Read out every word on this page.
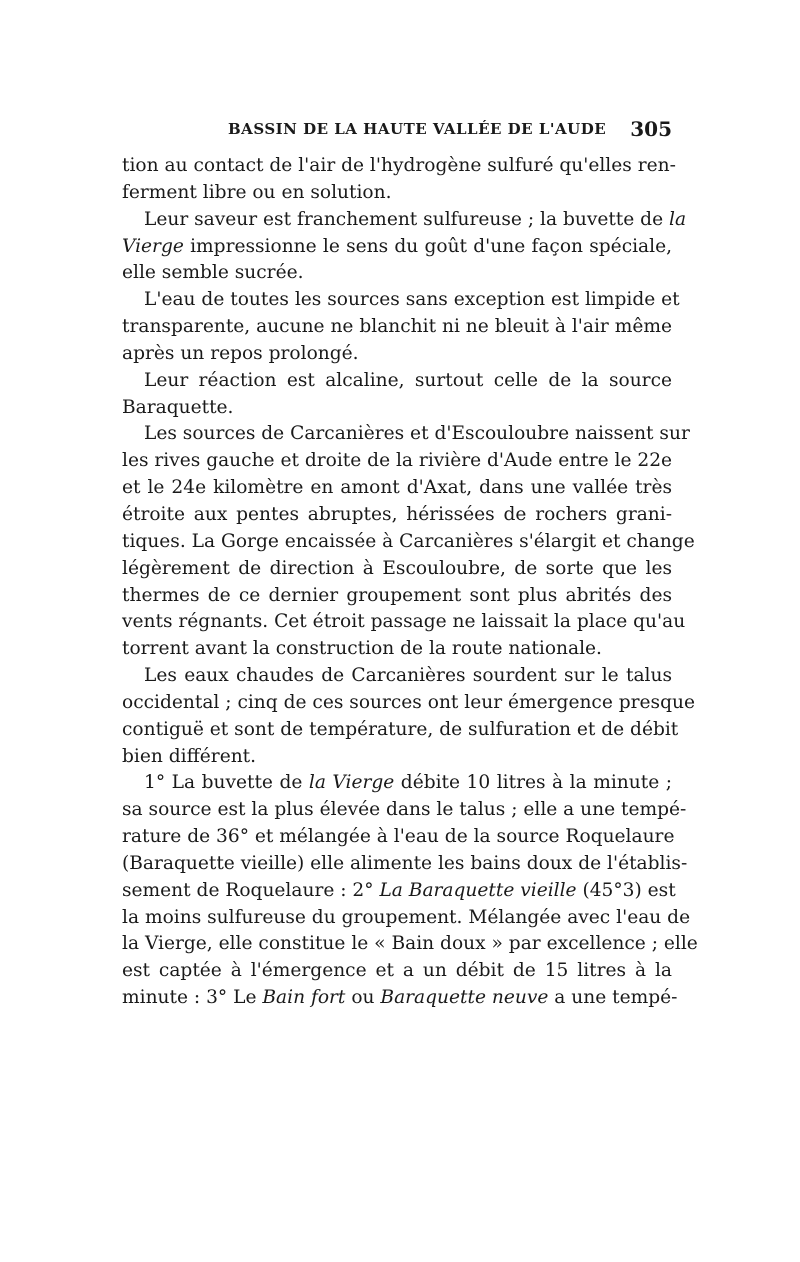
BASSIN DE LA HAUTE VALLÉE DE L'AUDE 305
tion au contact de l'air de l'hydrogène sulfuré qu'elles ren-
ferment libre ou en solution.
Leur saveur est franchement sulfureuse ; la buvette de la
Vierge impressionne le sens du goût d'une façon spéciale,
elle semble sucrée.
L'eau de toutes les sources sans exception est limpide et
transparente, aucune ne blanchit ni ne bleuit à l'air même
après un repos prolongé.
Leur réaction est alcaline, surtout celle de la source
Baraquette.
Les sources de Carcanières et d'Escouloubre naissent sur
les rives gauche et droite de la rivière d'Aude entre le 22e
et le 24e kilomètre en amont d'Axat, dans une vallée très
étroite aux pentes abruptes, hérissées de rochers grani-
tiques. La Gorge encaissée à Carcanières s'élargit et change
légèrement de direction à Escouloubre, de sorte que les
thermes de ce dernier groupement sont plus abrités des
vents régnants. Cet étroit passage ne laissait la place qu'au
torrent avant la construction de la route nationale.
Les eaux chaudes de Carcanières sourdent sur le talus
occidental ; cinq de ces sources ont leur émergence presque
contiguë et sont de température, de sulfuration et de débit
bien différent.
1° La buvette de la Vierge débite 10 litres à la minute ;
sa source est la plus élevée dans le talus ; elle a une tempé-
rature de 36° et mélangée à l'eau de la source Roquelaure
(Baraquette vieille) elle alimente les bains doux de l'établis-
sement de Roquelaure : 2° La Baraquette vieille (45°3) est
la moins sulfureuse du groupement. Mélangée avec l'eau de
la Vierge, elle constitue le « Bain doux » par excellence ; elle
est captée à l'émergence et a un débit de 15 litres à la
minute : 3° Le Bain fort ou Baraquette neuve a une tempé-
